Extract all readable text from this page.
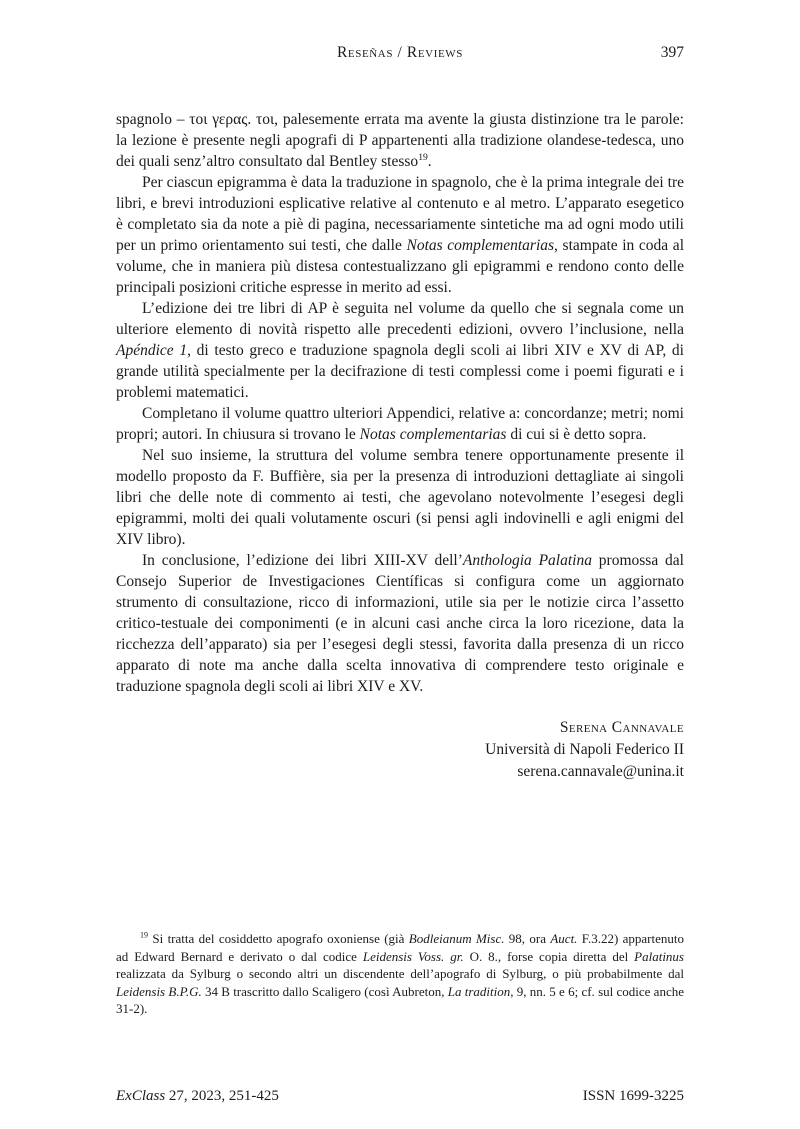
Reseñas / Reviews	397

spagnolo – τοι γερας. τοι, palesemente errata ma avente la giusta distinzione tra le parole: la lezione è presente negli apografi di P appartenenti alla tradizione olandese-tedesca, uno dei quali senz’altro consultato dal Bentley stesso$^{19}$.

Per ciascun epigramma è data la traduzione in spagnolo, che è la prima integrale dei tre libri, e brevi introduzioni esplicative relative al contenuto e al metro. L’apparato esegetico è completato sia da note a piè di pagina, necessariamente sintetiche ma ad ogni modo utili per un primo orientamento sui testi, che dalle Notas complementarias, stampate in coda al volume, che in maniera più distesa contestualizzano gli epigrammi e rendono conto delle principali posizioni critiche espresse in merito ad essi.

L’edizione dei tre libri di AP è seguita nel volume da quello che si segnala come un ulteriore elemento di novità rispetto alle precedenti edizioni, ovvero l’inclusione, nella Apéndice 1, di testo greco e traduzione spagnola degli scoli ai libri XIV e XV di AP, di grande utilità specialmente per la decifrazione di testi complessi come i poemi figurati e i problemi matematici.

Completano il volume quattro ulteriori Appendici, relative a: concordanze; metri; nomi propri; autori. In chiusura si trovano le Notas complementarias di cui si è detto sopra.

Nel suo insieme, la struttura del volume sembra tenere opportunamente presente il modello proposto da F. Buffière, sia per la presenza di introduzioni dettagliate ai singoli libri che delle note di commento ai testi, che agevolano notevolmente l’esegesi degli epigrammi, molti dei quali volutamente oscuri (si pensi agli indovinelli e agli enigmi del XIV libro).

In conclusione, l’edizione dei libri XIII-XV dell’Anthologia Palatina promossa dal Consejo Superior de Investigaciones Científicas si configura come un aggiornato strumento di consultazione, ricco di informazioni, utile sia per le notizie circa l’assetto critico-testuale dei componimenti (e in alcuni casi anche circa la loro ricezione, data la ricchezza dell’apparato) sia per l’esegesi degli stessi, favorita dalla presenza di un ricco apparato di note ma anche dalla scelta innovativa di comprendere testo originale e traduzione spagnola degli scoli ai libri XIV e XV.

Serena Cannavale
Università di Napoli Federico II
serena.cannavale@unina.it

$^{19}$ Si tratta del cosiddetto apografo oxoniense (già Bodleianum Misc. 98, ora Auct. F.3.22) appartenuto ad Edward Bernard e derivato o dal codice Leidensis Voss. gr. O. 8., forse copia diretta del Palatinus realizzata da Sylburg o secondo altri un discendente dell’apografo di Sylburg, o più probabilmente dal Leidensis B.P.G. 34 B trascritto dallo Scaligero (così Aubreton, La tradition, 9, nn. 5 e 6; cf. sul codice anche 31-2).

ExClass 27, 2023, 251-425	ISSN 1699-3225
